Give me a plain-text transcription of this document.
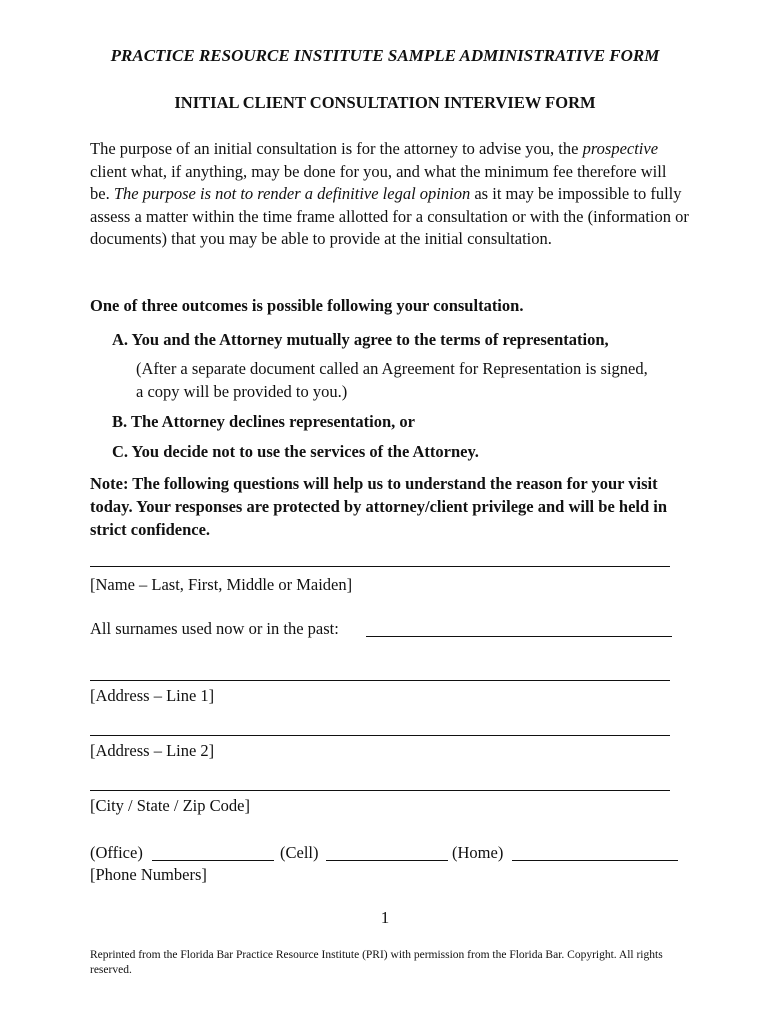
PRACTICE RESOURCE INSTITUTE SAMPLE ADMINISTRATIVE FORM
INITIAL CLIENT CONSULTATION INTERVIEW FORM
The purpose of an initial consultation is for the attorney to advise you, the prospective client what, if anything, may be done for you, and what the minimum fee therefore will be. The purpose is not to render a definitive legal opinion as it may be impossible to fully assess a matter within the time frame allotted for a consultation or with the (information or documents) that you may be able to provide at the initial consultation.
One of three outcomes is possible following your consultation.
A. You and the Attorney mutually agree to the terms of representation,
(After a separate document called an Agreement for Representation is signed, a copy will be provided to you.)
B. The Attorney declines representation, or
C. You decide not to use the services of the Attorney.
Note: The following questions will help us to understand the reason for your visit today. Your responses are protected by attorney/client privilege and will be held in strict confidence.
[Name – Last, First, Middle or Maiden]
All surnames used now or in the past:
[Address – Line 1]
[Address – Line 2]
[City / State / Zip Code]
(Office)	(Cell)	(Home)
[Phone Numbers]
1
Reprinted from the Florida Bar Practice Resource Institute (PRI) with permission from the Florida Bar. Copyright. All rights reserved.
